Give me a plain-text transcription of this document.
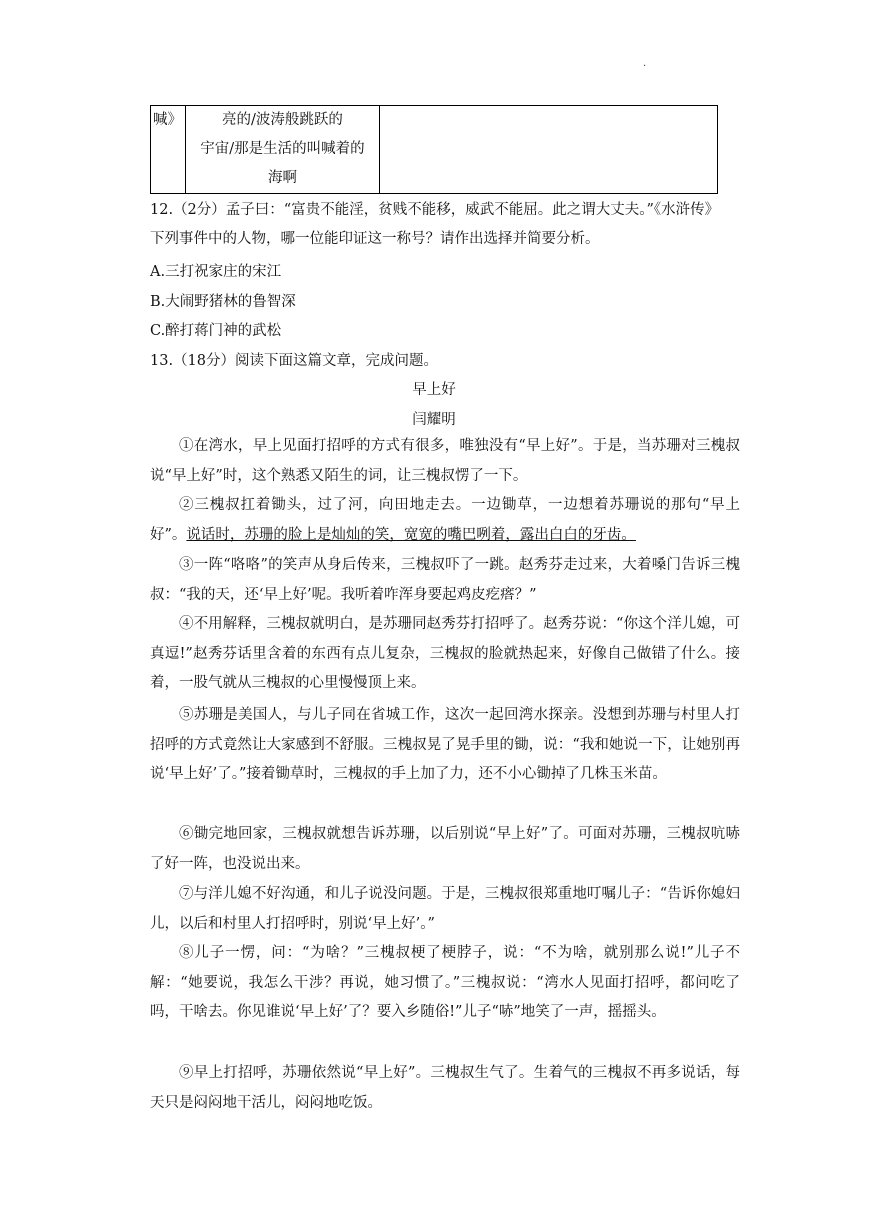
.
喊》	亮的/波涛般跳跃的
宇宙/那是生活的叫喊着的
海啊

12.（2分）孟子曰：“富贵不能淫，贫贱不能移，威武不能屈。此之谓大丈夫。”《水浒传》
下列事件中的人物，哪一位能印证这一称号？请作出选择并简要分析。
A.三打祝家庄的宋江
B.大闹野猪林的鲁智深
C.醉打蒋门神的武松
13.（18分）阅读下面这篇文章，完成问题。
早上好
闫耀明
①在湾水，早上见面打招呼的方式有很多，唯独没有“早上好”。于是，当苏珊对三槐叔说“早上好”时，这个熟悉又陌生的词，让三槐叔愣了一下。
②三槐叔扛着锄头，过了河，向田地走去。一边锄草，一边想着苏珊说的那句“早上好”。说话时，苏珊的脸上是灿灿的笑，宽宽的嘴巴咧着，露出白白的牙齿。
③一阵“咯咯”的笑声从身后传来，三槐叔吓了一跳。赵秀芬走过来，大着嗓门告诉三槐叔：“我的天，还‘早上好’呢。我听着咋浑身要起鸡皮疙瘩？”
④不用解释，三槐叔就明白，是苏珊同赵秀芬打招呼了。赵秀芬说：“你这个洋儿媳，可真逗!”赵秀芬话里含着的东西有点儿复杂，三槐叔的脸就热起来，好像自己做错了什么。接着，一股气就从三槐叔的心里慢慢顶上来。
⑤苏珊是美国人，与儿子同在省城工作，这次一起回湾水探亲。没想到苏珊与村里人打招呼的方式竟然让大家感到不舒服。三槐叔晃了晃手里的锄，说：“我和她说一下，让她别再说‘早上好’了。”接着锄草时，三槐叔的手上加了力，还不小心锄掉了几株玉米苗。
⑥锄完地回家，三槐叔就想告诉苏珊，以后别说“早上好”了。可面对苏珊，三槐叔吭哧了好一阵，也没说出来。
⑦与洋儿媳不好沟通，和儿子说没问题。于是，三槐叔很郑重地叮嘱儿子：“告诉你媳妇儿，以后和村里人打招呼时，别说‘早上好’。”
⑧儿子一愣，问：“为啥？”三槐叔梗了梗脖子，说：“不为啥，就别那么说!”儿子不解：“她要说，我怎么干涉？再说，她习惯了。”三槐叔说：“湾水人见面打招呼，都问吃了吗，干啥去。你见谁说‘早上好’了？要入乡随俗!”儿子“哧”地笑了一声，摇摇头。
⑨早上打招呼，苏珊依然说“早上好”。三槐叔生气了。生着气的三槐叔不再多说话，每天只是闷闷地干活儿，闷闷地吃饭。
